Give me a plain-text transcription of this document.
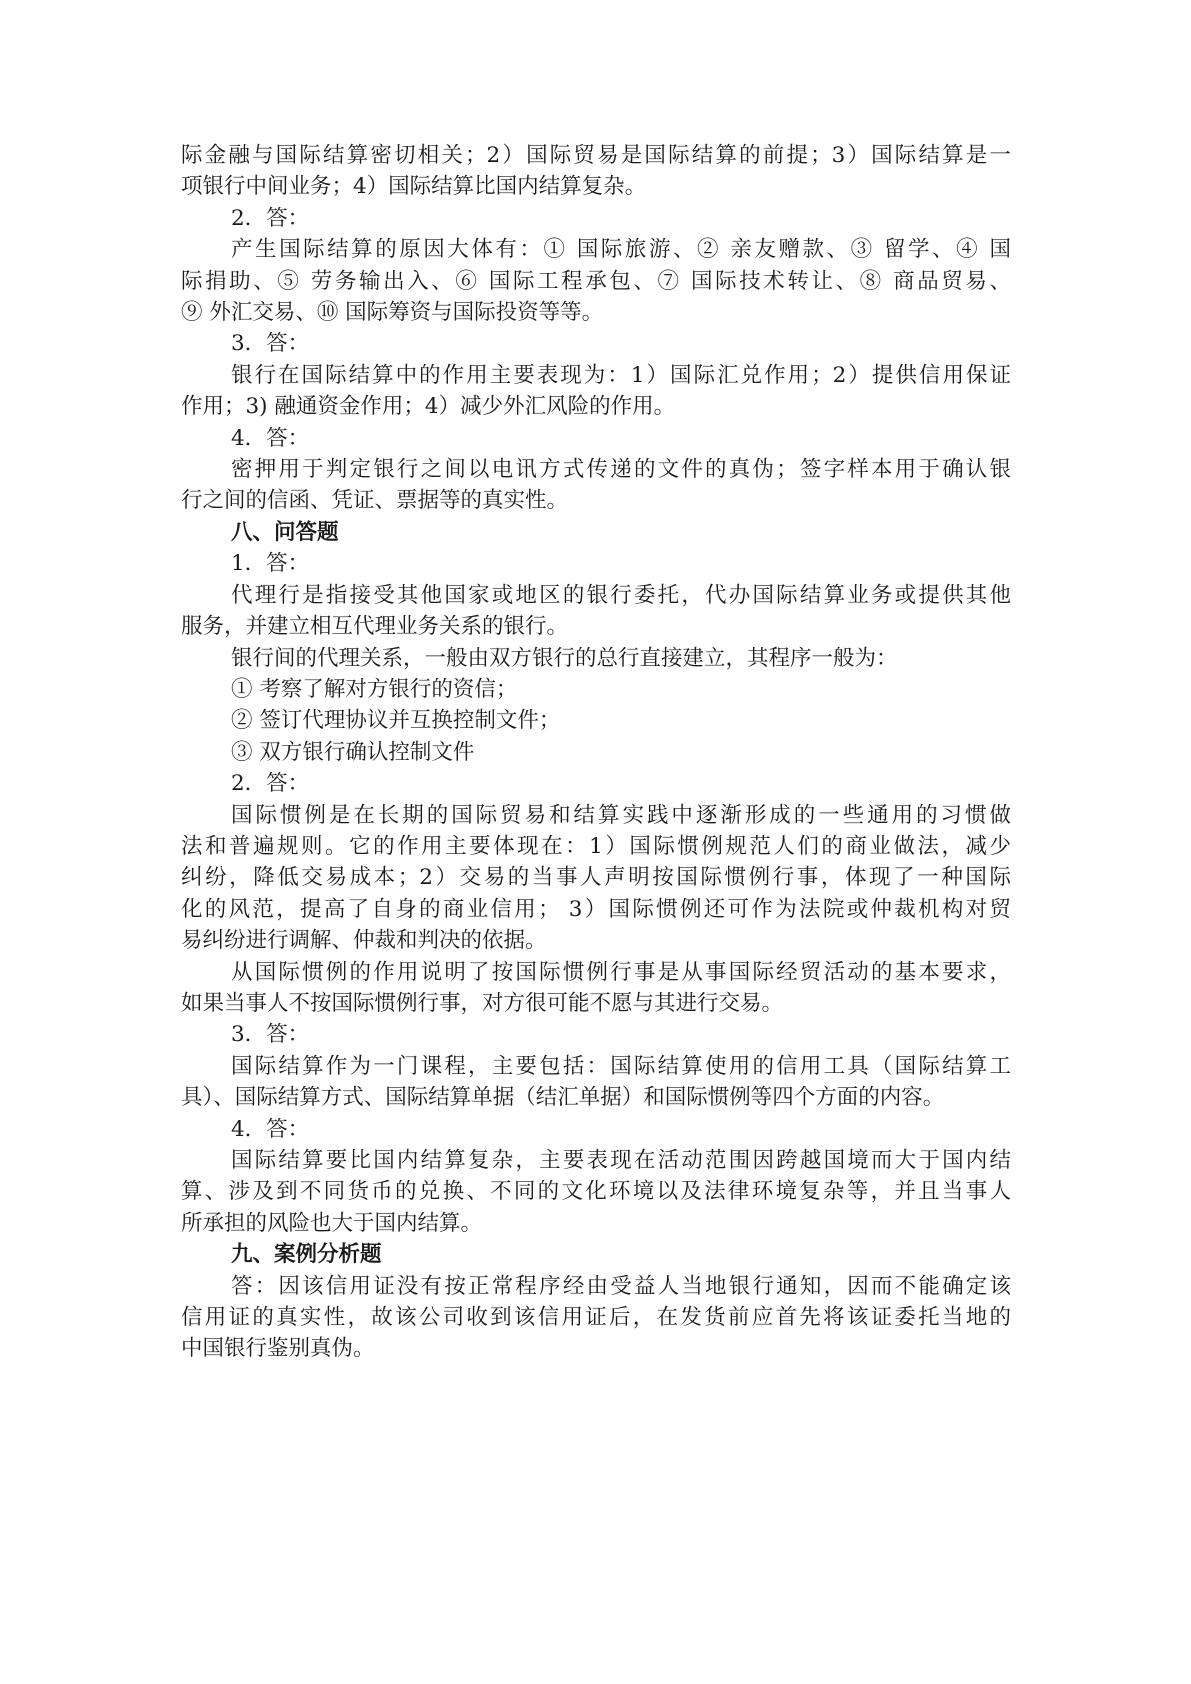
际金融与国际结算密切相关；2）国际贸易是国际结算的前提；3）国际结算是一
项银行中间业务；4）国际结算比国内结算复杂。
2．答：
产生国际结算的原因大体有：① 国际旅游、② 亲友赠款、③ 留学、④ 国
际捐助、⑤ 劳务输出入、⑥ 国际工程承包、⑦ 国际技术转让、⑧ 商品贸易、
⑨ 外汇交易、⑩ 国际筹资与国际投资等等。
3．答：
银行在国际结算中的作用主要表现为：1）国际汇兑作用；2）提供信用保证
作用；3) 融通资金作用；4）减少外汇风险的作用。
4．答：
密押用于判定银行之间以电讯方式传递的文件的真伪；签字样本用于确认银
行之间的信函、凭证、票据等的真实性。
八、问答题
1．答：
代理行是指接受其他国家或地区的银行委托，代办国际结算业务或提供其他
服务，并建立相互代理业务关系的银行。
银行间的代理关系，一般由双方银行的总行直接建立，其程序一般为：
① 考察了解对方银行的资信；
② 签订代理协议并互换控制文件；
③ 双方银行确认控制文件
2．答：
国际惯例是在长期的国际贸易和结算实践中逐渐形成的一些通用的习惯做
法和普遍规则。它的作用主要体现在：1）国际惯例规范人们的商业做法，减少
纠纷，降低交易成本；2）交易的当事人声明按国际惯例行事，体现了一种国际
化的风范，提高了自身的商业信用； 3）国际惯例还可作为法院或仲裁机构对贸
易纠纷进行调解、仲裁和判决的依据。
从国际惯例的作用说明了按国际惯例行事是从事国际经贸活动的基本要求，
如果当事人不按国际惯例行事，对方很可能不愿与其进行交易。
3．答：
国际结算作为一门课程，主要包括：国际结算使用的信用工具（国际结算工
具）、国际结算方式、国际结算单据（结汇单据）和国际惯例等四个方面的内容。
4．答：
国际结算要比国内结算复杂，主要表现在活动范围因跨越国境而大于国内结
算、涉及到不同货币的兑换、不同的文化环境以及法律环境复杂等，并且当事人
所承担的风险也大于国内结算。
九、案例分析题
答：因该信用证没有按正常程序经由受益人当地银行通知，因而不能确定该
信用证的真实性，故该公司收到该信用证后，在发货前应首先将该证委托当地的
中国银行鉴别真伪。
